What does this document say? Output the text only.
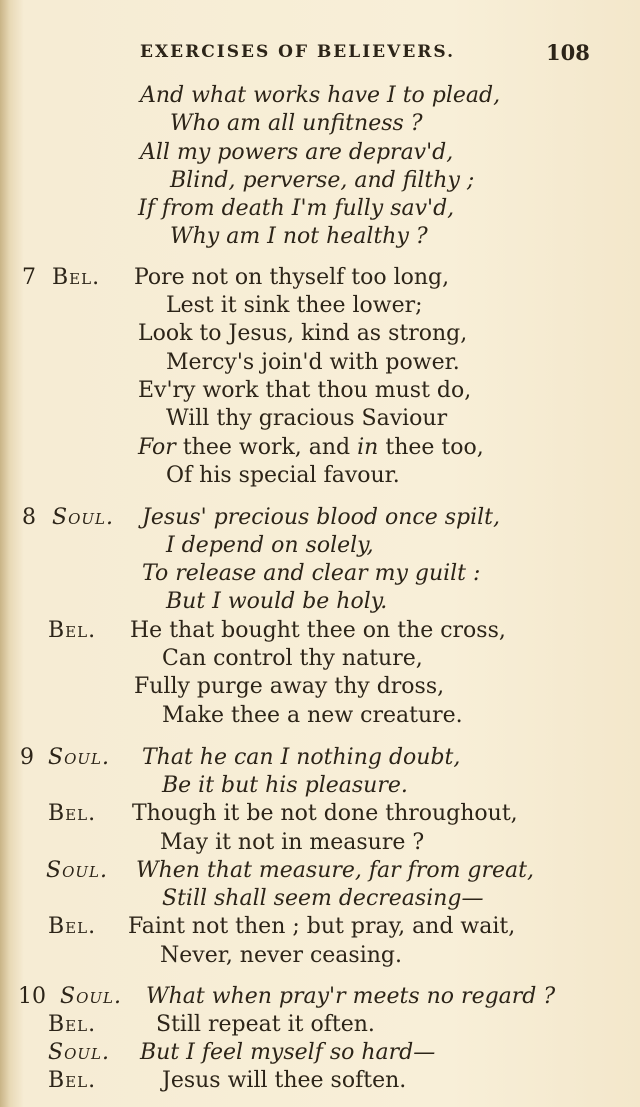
EXERCISES OF BELIEVERS.	108
And what works have I to plead,
Who am all unfitness ?
All my powers are deprav'd,
Blind, perverse, and filthy ;
If from death I'm fully sav'd,
Why am I not healthy ?
7 Bel. Pore not on thyself too long,
Lest it sink thee lower;
Look to Jesus, kind as strong,
Mercy's join'd with power.
Ev'ry work that thou must do,
Will thy gracious Saviour
For thee work, and in thee too,
Of his special favour.
8 Soul. Jesus' precious blood once spilt,
I depend on solely,
To release and clear my guilt :
But I would be holy.
Bel. He that bought thee on the cross,
Can control thy nature,
Fully purge away thy dross,
Make thee a new creature.
9 Soul. That he can I nothing doubt,
Be it but his pleasure.
Bel. Though it be not done throughout,
May it not in measure ?
Soul. When that measure, far from great,
Still shall seem decreasing—
Bel. Faint not then ; but pray, and wait,
Never, never ceasing.
10 Soul. What when pray'r meets no regard ?
Bel.	Still repeat it often.
Soul. But I feel myself so hard—
Bel.	Jesus will thee soften.
